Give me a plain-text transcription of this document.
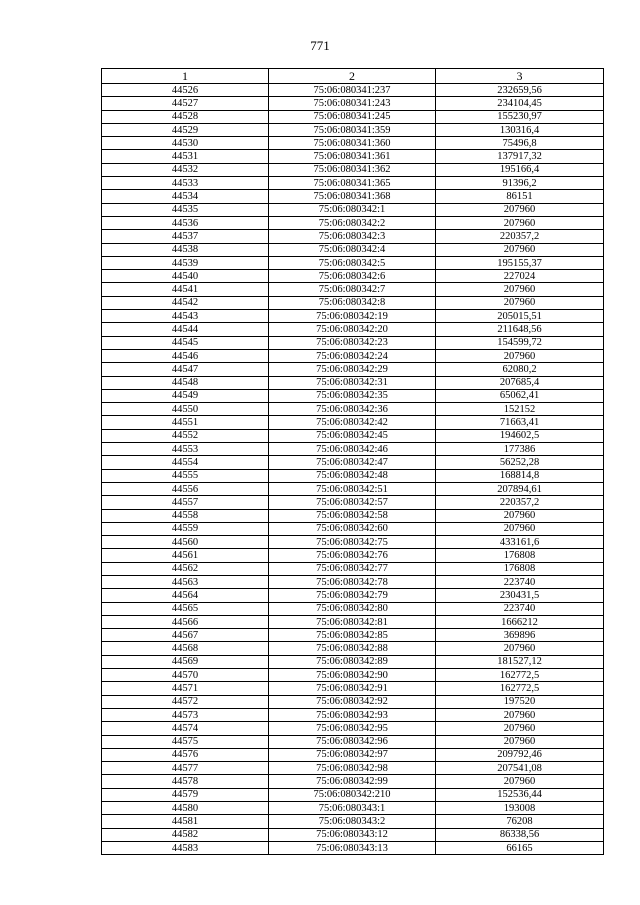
771
1	2	3
44526	75:06:080341:237	232659,56
44527	75:06:080341:243	234104,45
44528	75:06:080341:245	155230,97
44529	75:06:080341:359	130316,4
44530	75:06:080341:360	75496,8
44531	75:06:080341:361	137917,32
44532	75:06:080341:362	195166,4
44533	75:06:080341:365	91396,2
44534	75:06:080341:368	86151
44535	75:06:080342:1	207960
44536	75:06:080342:2	207960
44537	75:06:080342:3	220357,2
44538	75:06:080342:4	207960
44539	75:06:080342:5	195155,37
44540	75:06:080342:6	227024
44541	75:06:080342:7	207960
44542	75:06:080342:8	207960
44543	75:06:080342:19	205015,51
44544	75:06:080342:20	211648,56
44545	75:06:080342:23	154599,72
44546	75:06:080342:24	207960
44547	75:06:080342:29	62080,2
44548	75:06:080342:31	207685,4
44549	75:06:080342:35	65062,41
44550	75:06:080342:36	152152
44551	75:06:080342:42	71663,41
44552	75:06:080342:45	194602,5
44553	75:06:080342:46	177386
44554	75:06:080342:47	56252,28
44555	75:06:080342:48	168814,8
44556	75:06:080342:51	207894,61
44557	75:06:080342:57	220357,2
44558	75:06:080342:58	207960
44559	75:06:080342:60	207960
44560	75:06:080342:75	433161,6
44561	75:06:080342:76	176808
44562	75:06:080342:77	176808
44563	75:06:080342:78	223740
44564	75:06:080342:79	230431,5
44565	75:06:080342:80	223740
44566	75:06:080342:81	1666212
44567	75:06:080342:85	369896
44568	75:06:080342:88	207960
44569	75:06:080342:89	181527,12
44570	75:06:080342:90	162772,5
44571	75:06:080342:91	162772,5
44572	75:06:080342:92	197520
44573	75:06:080342:93	207960
44574	75:06:080342:95	207960
44575	75:06:080342:96	207960
44576	75:06:080342:97	209792,46
44577	75:06:080342:98	207541,08
44578	75:06:080342:99	207960
44579	75:06:080342:210	152536,44
44580	75:06:080343:1	193008
44581	75:06:080343:2	76208
44582	75:06:080343:12	86338,56
44583	75:06:080343:13	66165
